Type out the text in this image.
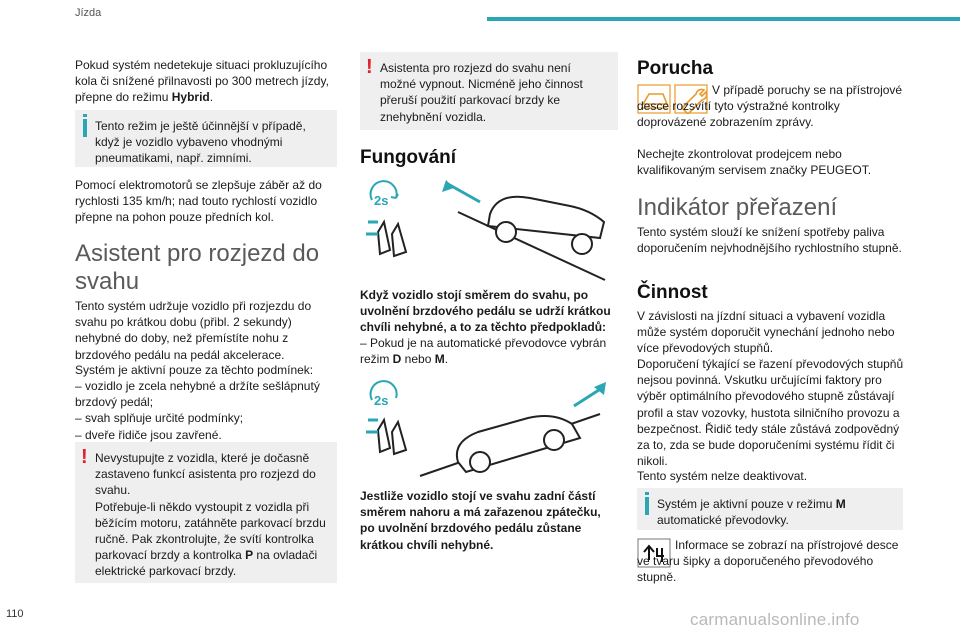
Jízda
110

Pokud systém nedetekuje situaci prokluzujícího kola či snížené přilnavosti po 300 metrech jízdy, přepne do režimu Hybrid.

Tento režim je ještě účinnější v případě, když je vozidlo vybaveno vhodnými pneumatikami, např. zimními.

Pomocí elektromotorů se zlepšuje záběr až do rychlosti 135 km/h; nad touto rychlostí vozidlo přepne na pohon pouze předních kol.

Asistent pro rozjezd do svahu

Tento systém udržuje vozidlo při rozjezdu do svahu po krátkou dobu (přibl. 2 sekundy) nehybné do doby, než přemístíte nohu z brzdového pedálu na pedál akcelerace.

Systém je aktivní pouze za těchto podmínek:

– vozidlo je zcela nehybné a držíte sešlápnutý brzdový pedál;
– svah splňuje určité podmínky;
– dveře řidiče jsou zavřené.
! Nevystupujte z vozidla, které je dočasně zastaveno funkcí asistenta pro rozjezd do svahu.
Potřebuje-li někdo vystoupit z vozidla při běžícím motoru, zatáhněte parkovací brzdu ručně. Pak zkontrolujte, že svítí kontrolka parkovací brzdy a kontrolka P na ovladači elektrické parkovací brzdy.
! Asistenta pro rozjezd do svahu není možné vypnout. Nicméně jeho činnost přeruší použití parkovací brzdy ke znehybnění vozidla.
Fungování
2s

Když vozidlo stojí směrem do svahu, po uvolnění brzdového pedálu se udrží krátkou chvíli nehybné, a to za těchto předpokladů:

– Pokud je na automatické převodovce vybrán režim D nebo M.

2s

Jestliže vozidlo stojí ve svahu zadní částí směrem nahoru a má zařazenou zpátečku, po uvolnění brzdového pedálu zůstane krátkou chvíli nehybné.

Porucha

V případě poruchy se na přístrojové desce rozsvítí tyto výstražné kontrolky doprovázené zobrazením zprávy.

Nechejte zkontrolovat prodejcem nebo kvalifikovaným servisem značky PEUGEOT.

Indikátor přeřazení

Tento systém slouží ke snížení spotřeby paliva doporučením nejvhodnějšího rychlostního stupně.

Činnost

V závislosti na jízdní situaci a vybavení vozidla může systém doporučit vynechání jednoho nebo více převodových stupňů.

Doporučení týkající se řazení převodových stupňů nejsou povinná. Vskutku určujícími faktory pro výběr optimálního převodového stupně zůstávají profil a stav vozovky, hustota silničního provozu a bezpečnost. Řidič tedy stále zůstává zodpovědný za to, zda se bude doporučeními systému řídit či nikoli.

Tento systém nelze deaktivovat.

Systém je aktivní pouze v režimu M automatické převodovky.

Informace se zobrazí na přístrojové desce ve tvaru šipky a doporučeného převodového stupně.

carmanualsonline.info
